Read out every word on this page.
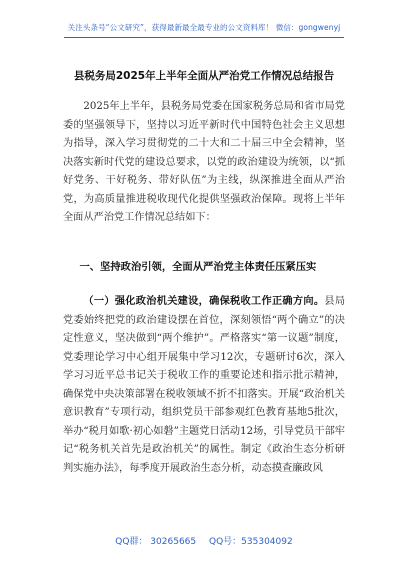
关注头条号“公文研究”，获得最新最全最专业的公文资料库！ 微信：gongwenyj
县税务局2025年上半年全面从严治党工作情况总结报告
2025年上半年，县税务局党委在国家税务总局和省市局党委的坚强领导下，坚持以习近平新时代中国特色社会主义思想为指导，深入学习贯彻党的二十大和二十届三中全会精神，坚决落实新时代党的建设总要求，以党的政治建设为统领，以“抓好党务、干好税务、带好队伍”为主线，纵深推进全面从严治党，为高质量推进税收现代化提供坚强政治保障。现将上半年全面从严治党工作情况总结如下：
一、坚持政治引领，全面从严治党主体责任压紧压实
（一）强化政治机关建设，确保税收工作正确方向。县局党委始终把党的政治建设摆在首位，深刻领悟“两个确立”的决定性意义，坚决做到“两个维护”。严格落实“第一议题”制度，党委理论学习中心组开展集中学习12次，专题研讨6次，深入学习习近平总书记关于税收工作的重要论述和指示批示精神，确保党中央决策部署在税收领域不折不扣落实。开展“政治机关意识教育”专项行动，组织党员干部参观红色教育基地5批次，举办“税月如歌·初心如磐”主题党日活动12场，引导党员干部牢记“税务机关首先是政治机关”的属性。制定《政治生态分析研判实施办法》，每季度开展政治生态分析，动态摸查廉政风
QQ群： 30265665 QQ号：535304092
